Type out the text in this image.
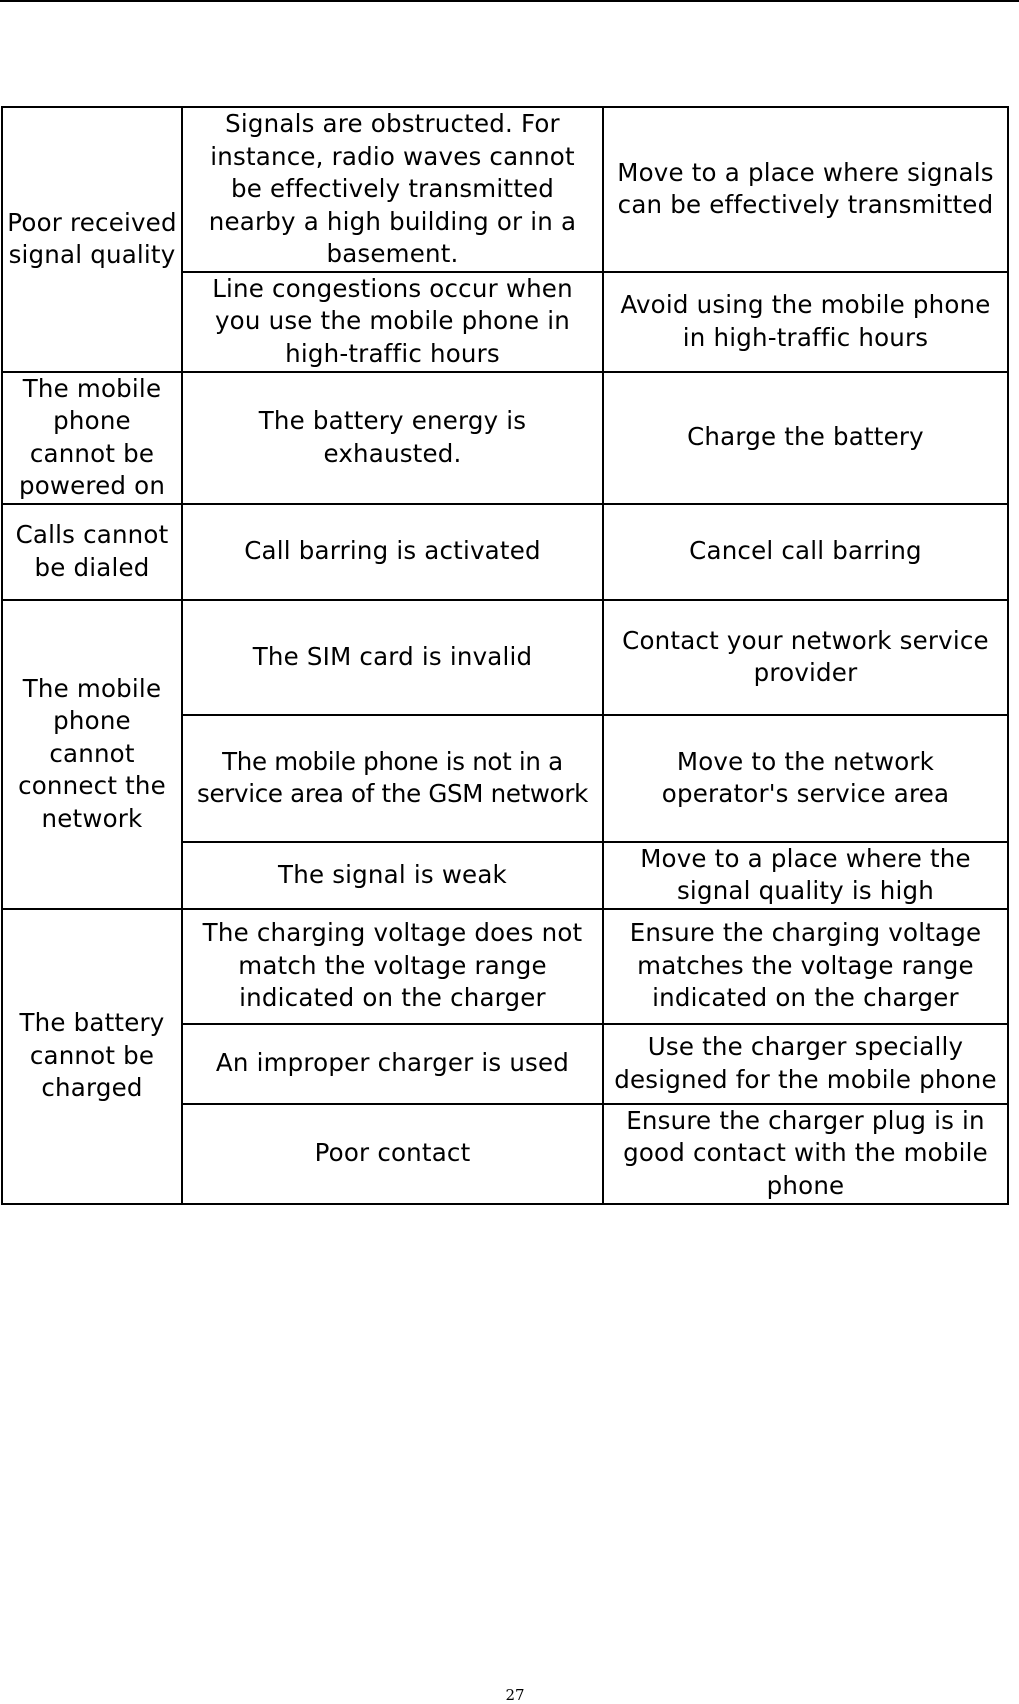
Poor received signal quality	Signals are obstructed. For instance, radio waves cannot be effectively transmitted nearby a high building or in a basement.	Move to a place where signals can be effectively transmitted
	Line congestions occur when you use the mobile phone in high-traffic hours	Avoid using the mobile phone in high-traffic hours
The mobile phone cannot be powered on	The battery energy is exhausted.	Charge the battery
Calls cannot be dialed	Call barring is activated	Cancel call barring
The mobile phone cannot connect the network	The SIM card is invalid	Contact your network service provider
	The mobile phone is not in a service area of the GSM network	Move to the network operator's service area
	The signal is weak	Move to a place where the signal quality is high
The battery cannot be charged	The charging voltage does not match the voltage range indicated on the charger	Ensure the charging voltage matches the voltage range indicated on the charger
	An improper charger is used	Use the charger specially designed for the mobile phone
	Poor contact	Ensure the charger plug is in good contact with the mobile phone
27
